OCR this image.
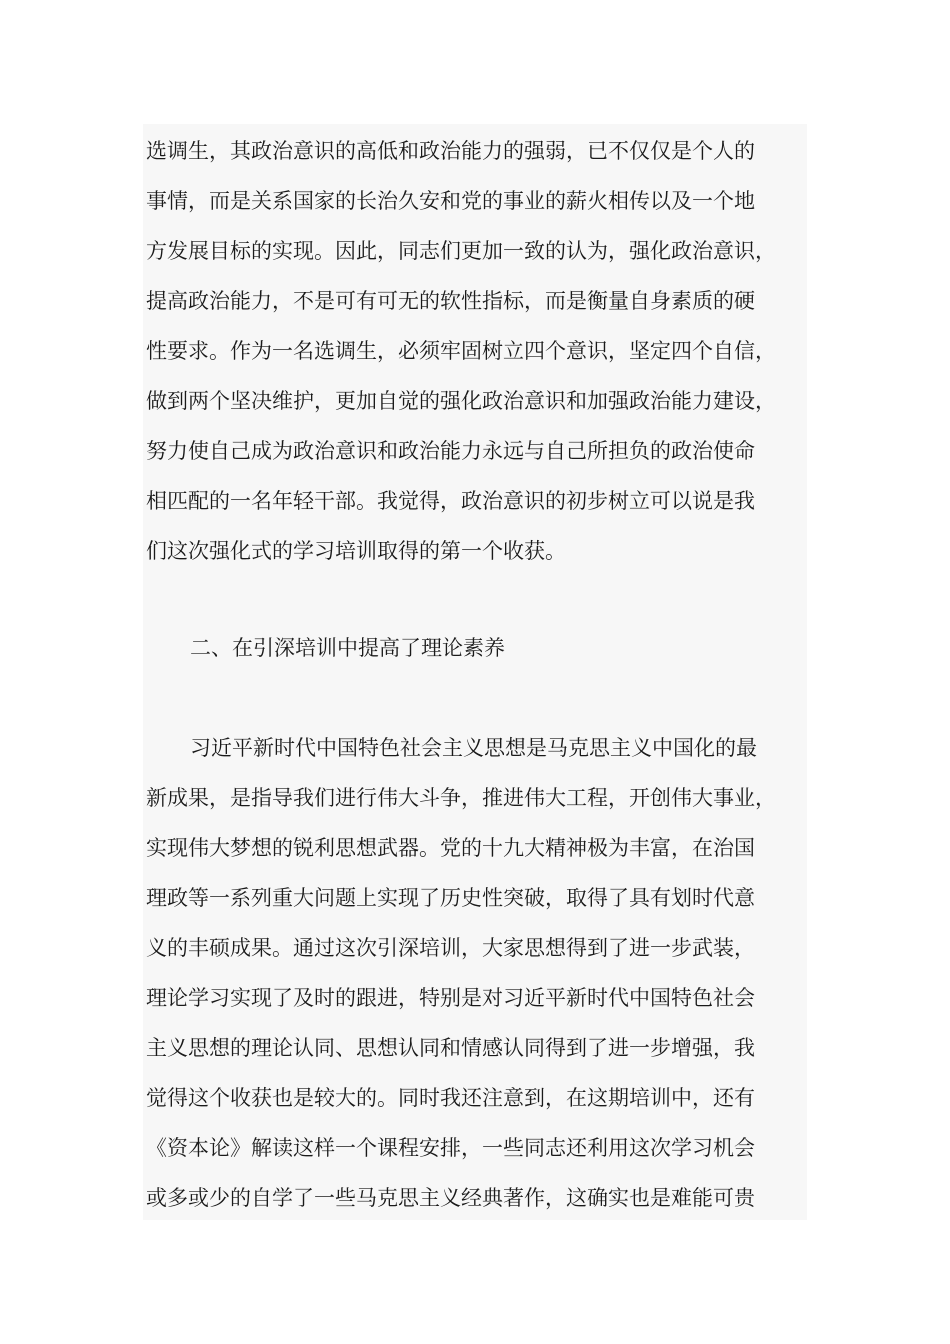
选调生，其政治意识的高低和政治能力的强弱，已不仅仅是个人的
事情，而是关系国家的长治久安和党的事业的薪火相传以及一个地
方发展目标的实现。因此，同志们更加一致的认为，强化政治意识，
提高政治能力，不是可有可无的软性指标，而是衡量自身素质的硬
性要求。作为一名选调生，必须牢固树立四个意识，坚定四个自信，
做到两个坚决维护，更加自觉的强化政治意识和加强政治能力建设，
努力使自己成为政治意识和政治能力永远与自己所担负的政治使命
相匹配的一名年轻干部。我觉得，政治意识的初步树立可以说是我
们这次强化式的学习培训取得的第一个收获。
二、在引深培训中提高了理论素养
习近平新时代中国特色社会主义思想是马克思主义中国化的最
新成果，是指导我们进行伟大斗争，推进伟大工程，开创伟大事业，
实现伟大梦想的锐利思想武器。党的十九大精神极为丰富，在治国
理政等一系列重大问题上实现了历史性突破，取得了具有划时代意
义的丰硕成果。通过这次引深培训，大家思想得到了进一步武装，
理论学习实现了及时的跟进，特别是对习近平新时代中国特色社会
主义思想的理论认同、思想认同和情感认同得到了进一步增强，我
觉得这个收获也是较大的。同时我还注意到，在这期培训中，还有
《资本论》解读这样一个课程安排，一些同志还利用这次学习机会
或多或少的自学了一些马克思主义经典著作，这确实也是难能可贵
